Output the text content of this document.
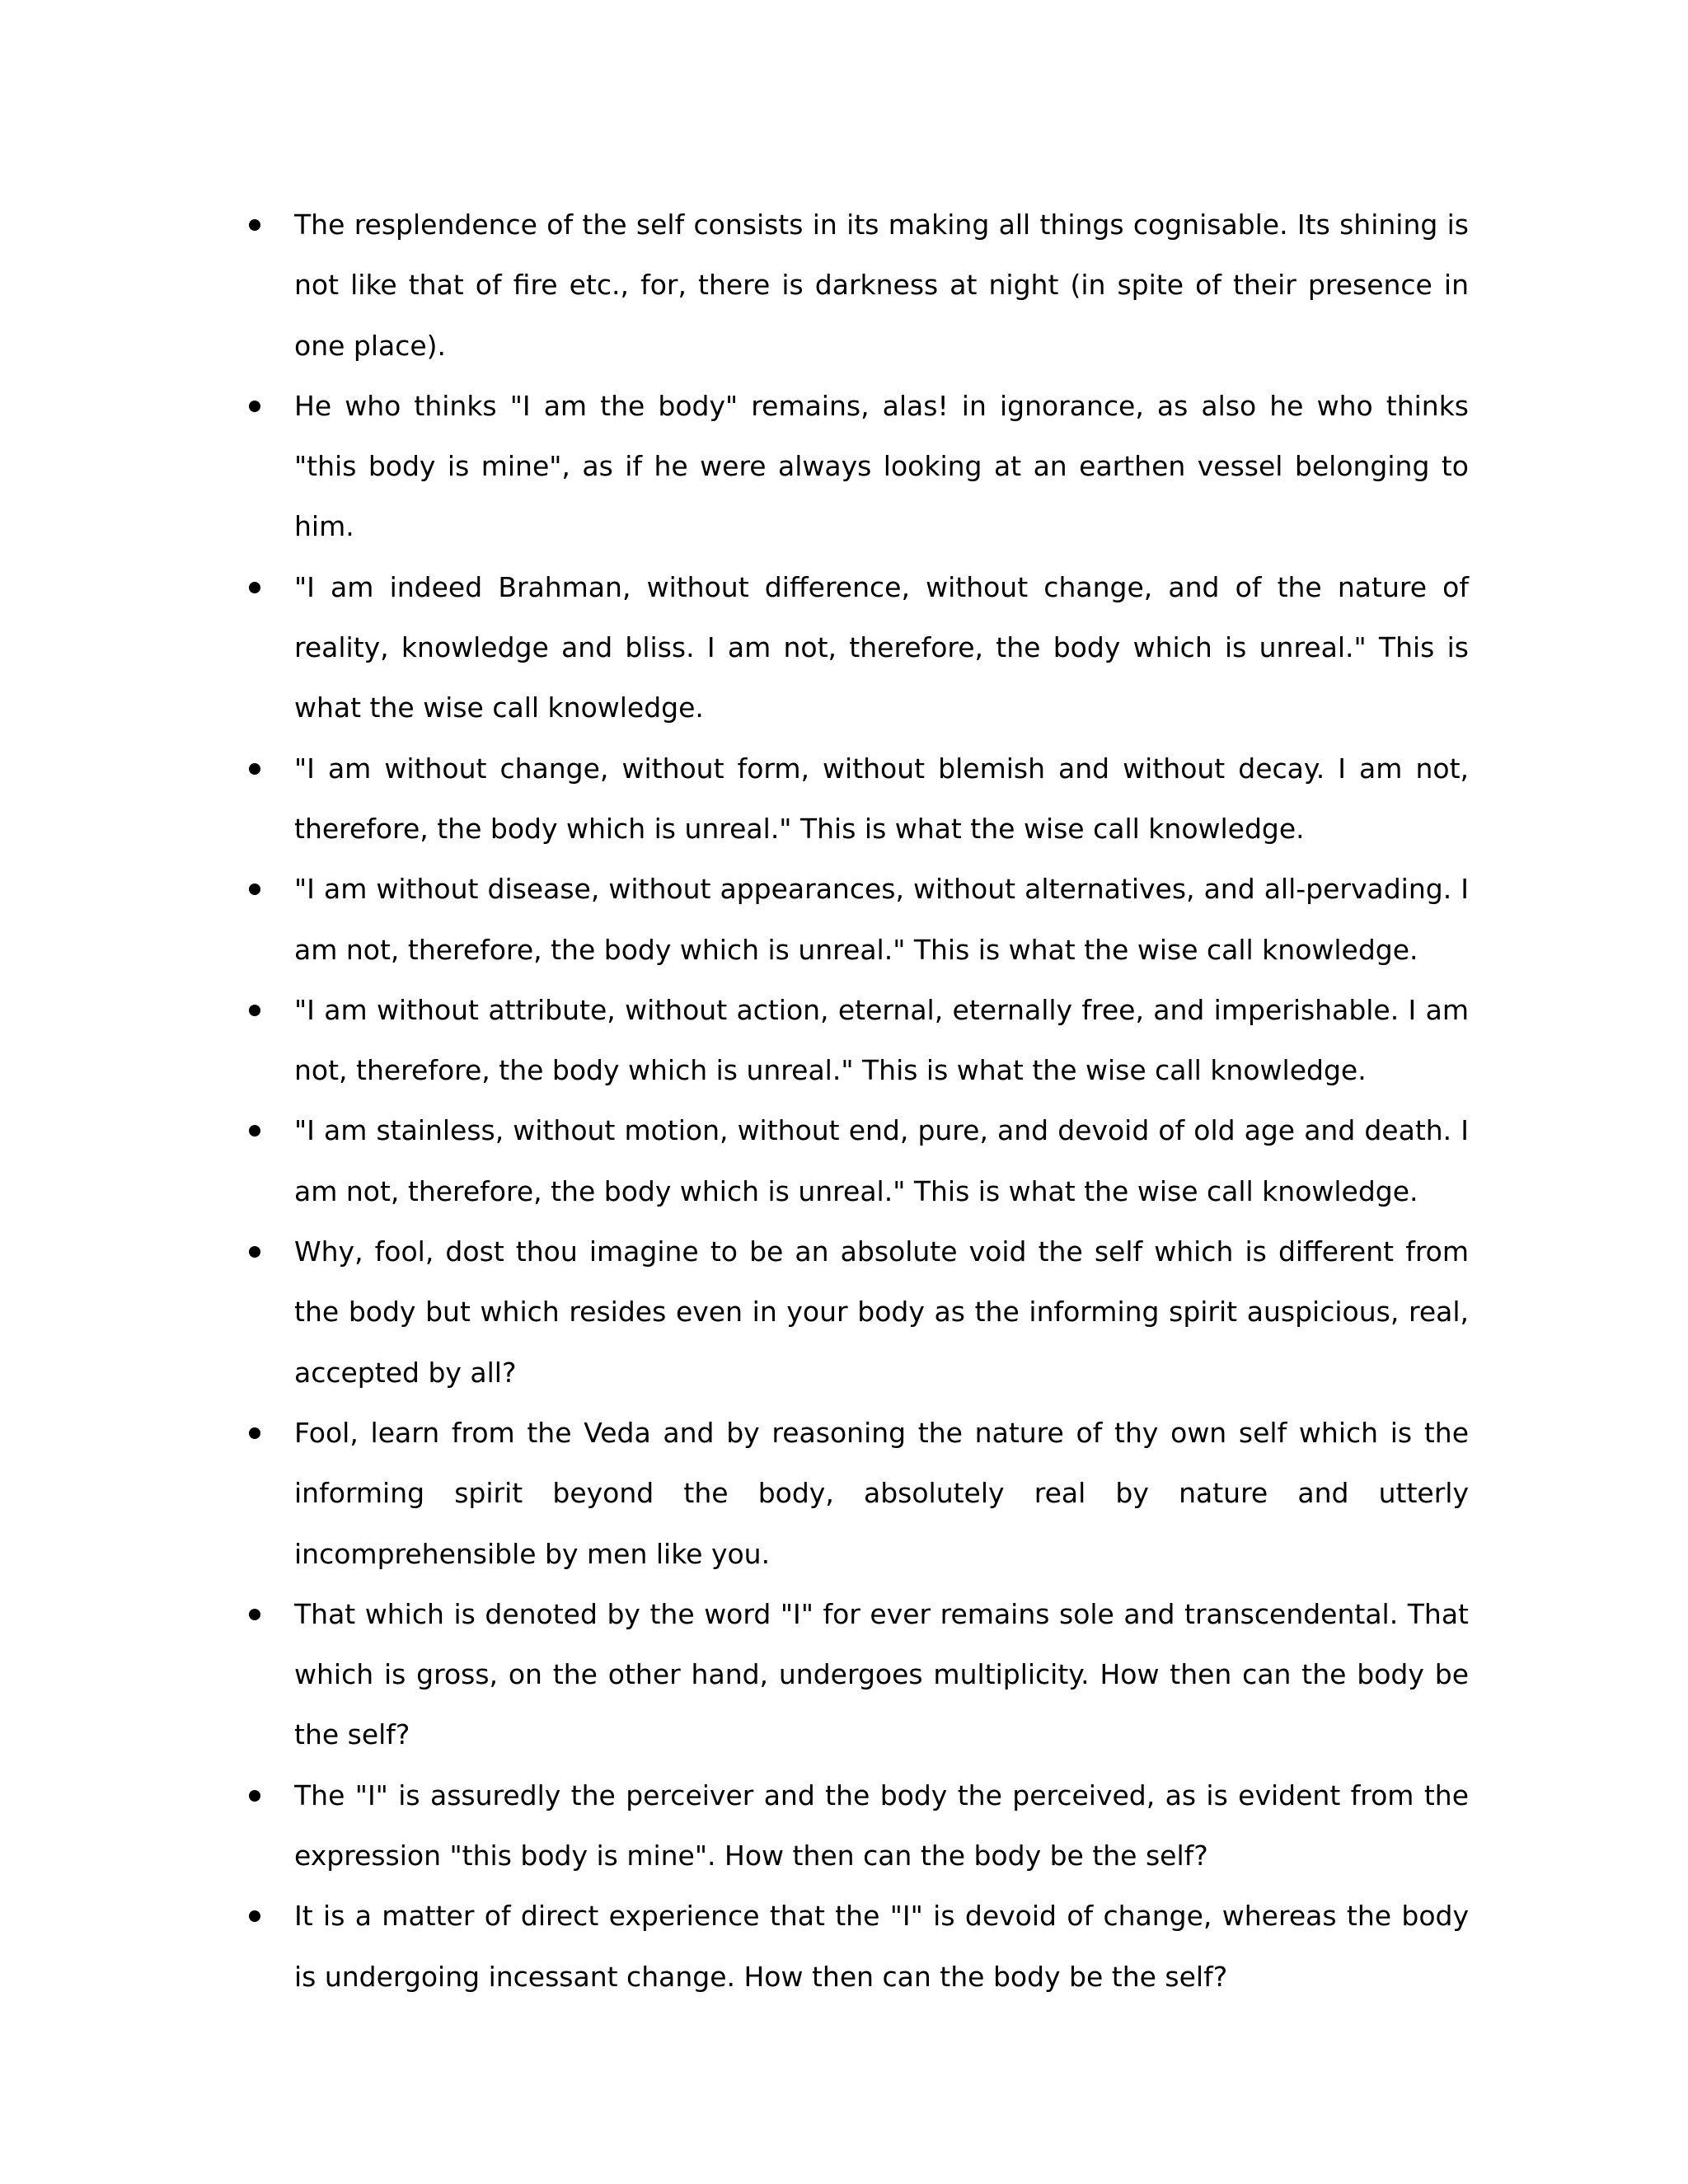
The resplendence of the self consists in its making all things cognisable. Its shining is not like that of fire etc., for, there is darkness at night (in spite of their presence in one place).
He who thinks "I am the body" remains, alas! in ignorance, as also he who thinks "this body is mine", as if he were always looking at an earthen vessel belonging to him.
"I am indeed Brahman, without difference, without change, and of the nature of reality, knowledge and bliss. I am not, therefore, the body which is unreal." This is what the wise call knowledge.
"I am without change, without form, without blemish and without decay. I am not, therefore, the body which is unreal." This is what the wise call knowledge.
"I am without disease, without appearances, without alternatives, and all-pervading. I am not, therefore, the body which is unreal." This is what the wise call knowledge.
"I am without attribute, without action, eternal, eternally free, and imperishable. I am not, therefore, the body which is unreal." This is what the wise call knowledge.
"I am stainless, without motion, without end, pure, and devoid of old age and death. I am not, therefore, the body which is unreal." This is what the wise call knowledge.
Why, fool, dost thou imagine to be an absolute void the self which is different from the body but which resides even in your body as the informing spirit auspicious, real, accepted by all?
Fool, learn from the Veda and by reasoning the nature of thy own self which is the informing spirit beyond the body, absolutely real by nature and utterly incomprehensible by men like you.
That which is denoted by the word "I" for ever remains sole and transcendental. That which is gross, on the other hand, undergoes multiplicity. How then can the body be the self?
The "I" is assuredly the perceiver and the body the perceived, as is evident from the expression "this body is mine". How then can the body be the self?
It is a matter of direct experience that the "I" is devoid of change, whereas the body is undergoing incessant change. How then can the body be the self?
